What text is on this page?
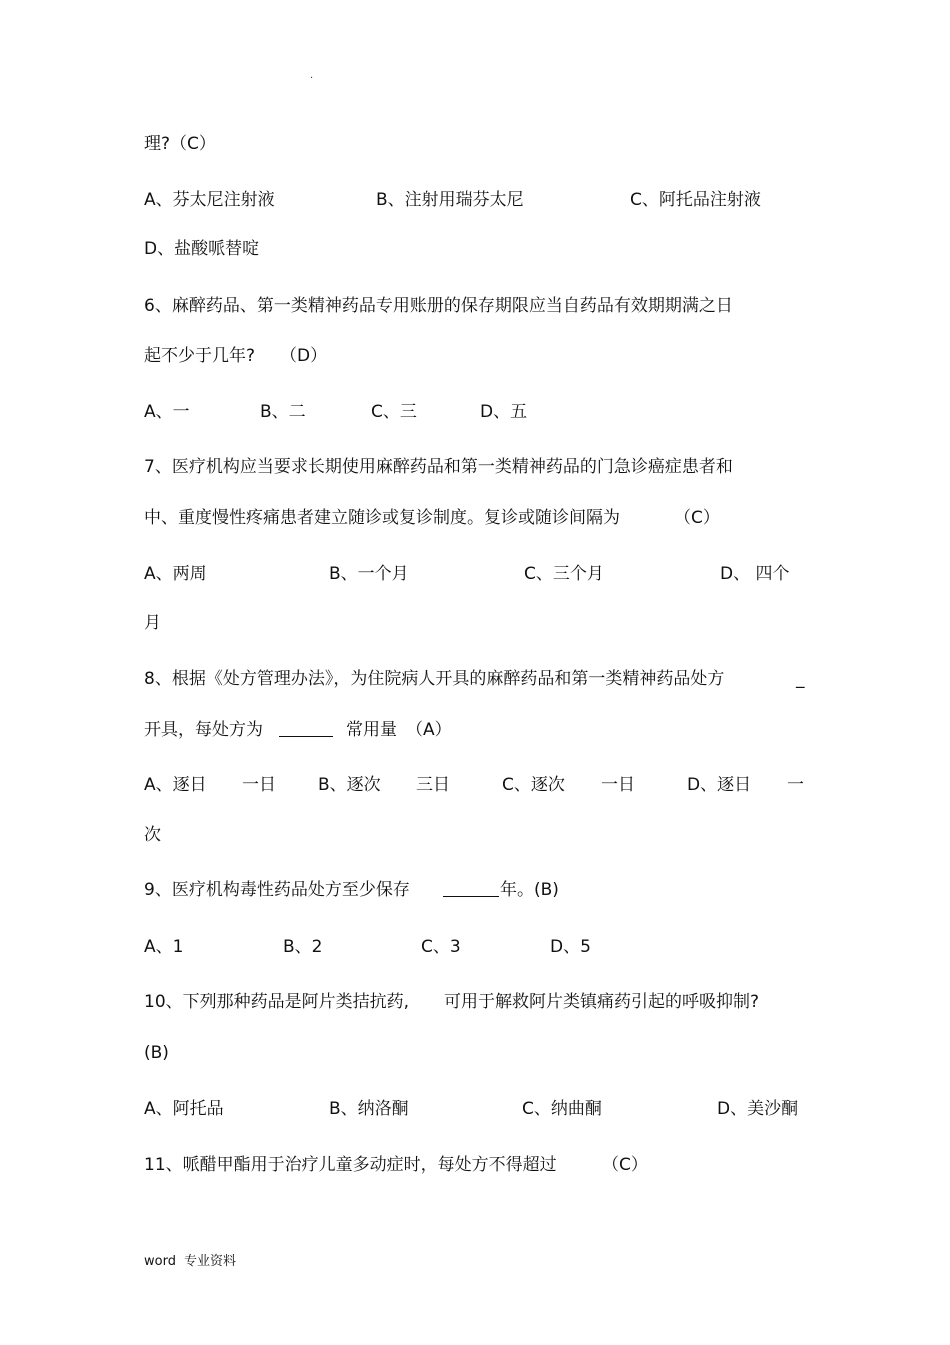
.
理?（C）
A、芬太尼注射液	B、注射用瑞芬太尼	C、阿托品注射液
D、盐酸哌替啶
6、麻醉药品、第一类精神药品专用账册的保存期限应当自药品有效期期满之日
起不少于几年? （D）
A、一	B、二	C、三	D、五
7、医疗机构应当要求长期使用麻醉药品和第一类精神药品的门急诊癌症患者和
中、重度慢性疼痛患者建立随诊或复诊制度。复诊或随诊间隔为	（C）
A、两周	B、一个月	C、三个月	D、 四个
月
8、根据《处方管理办法》，为住院病人开具的麻醉药品和第一类精神药品处方	_
开具，每处方为	常用量 （A）
A、逐日 一日 B、逐次 三日	C、逐次 一日	D、逐日 一
次
9、医疗机构毒性药品处方至少保存	年。(B)
A、1	B、2	C、3	D、5
10、下列那种药品是阿片类拮抗药, 可用于解救阿片类镇痛药引起的呼吸抑制?
(B)
A、阿托品	B、纳洛酮	C、纳曲酮	D、美沙酮
11、哌醋甲酯用于治疗儿童多动症时，每处方不得超过	（C）
word 专业资料
